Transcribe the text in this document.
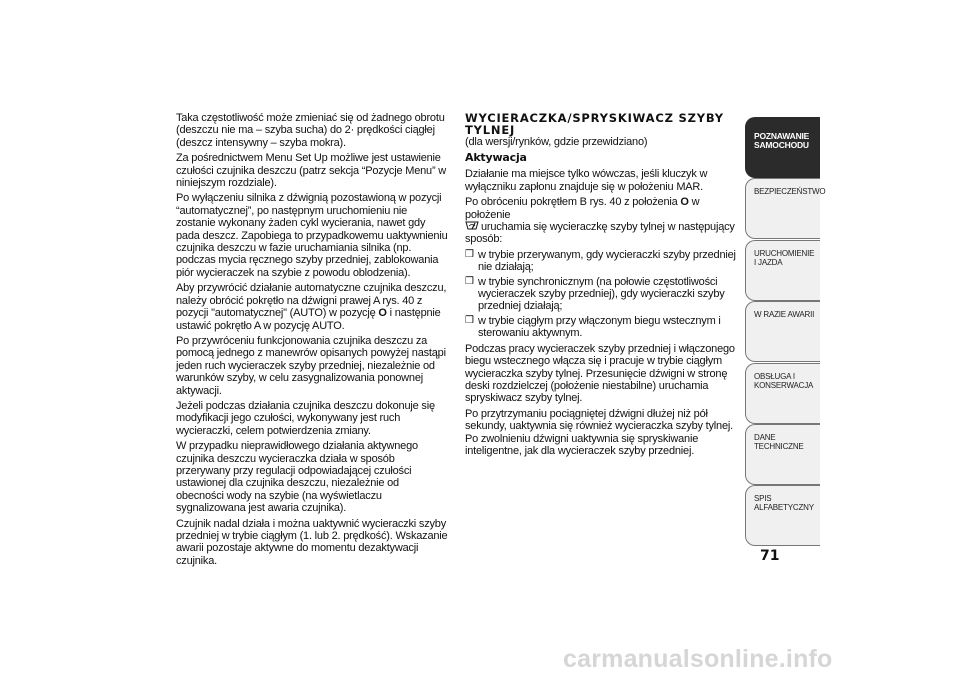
Taka częstotliwość może zmieniać się od żadnego obrotu (deszczu nie ma – szyba sucha) do 2· prędkości ciągłej (deszcz intensywny – szyba mokra).

Za pośrednictwem Menu Set Up możliwe jest ustawienie czułości czujnika deszczu (patrz sekcja “Pozycje Menu” w niniejszym rozdziale).

Po wyłączeniu silnika z dźwignią pozostawioną w pozycji “automatycznej”, po następnym uruchomieniu nie zostanie wykonany żaden cykl wycierania, nawet gdy pada deszcz. Zapobiega to przypadkowemu uaktywnieniu czujnika deszczu w fazie uruchamiania silnika (np. podczas mycia ręcznego szyby przedniej, zablokowania piór wycieraczek na szybie z powodu oblodzenia).

Aby przywrócić działanie automatyczne czujnika deszczu, należy obrócić pokrętło na dźwigni prawej A rys. 40 z pozycji "automatycznej" (AUTO) w pozycję O i następnie ustawić pokrętło A w pozycję AUTO.

Po przywróceniu funkcjonowania czujnika deszczu za pomocą jednego z manewrów opisanych powyżej nastąpi jeden ruch wycieraczek szyby przedniej, niezależnie od warunków szyby, w celu zasygnalizowania ponownej aktywacji.

Jeżeli podczas działania czujnika deszczu dokonuje się modyfikacji jego czułości, wykonywany jest ruch wycieraczki, celem potwierdzenia zmiany.

W przypadku nieprawidłowego działania aktywnego czujnika deszczu wycieraczka działa w sposób przerywany przy regulacji odpowiadającej czułości ustawionej dla czujnika deszczu, niezależnie od obecności wody na szybie (na wyświetlaczu sygnalizowana jest awaria czujnika).

Czujnik nadal działa i można uaktywnić wycieraczki szyby przedniej w trybie ciągłym (1. lub 2. prędkość). Wskazanie awarii pozostaje aktywne do momentu dezaktywacji czujnika.

WYCIERACZKA/SPRYSKIWACZ SZYBY TYLNEJ

(dla wersji/rynków, gdzie przewidziano)

Aktywacja

Działanie ma miejsce tylko wówczas, jeśli kluczyk w wyłączniku zapłonu znajduje się w położeniu MAR.

Po obróceniu pokrętłem B rys. 40 z położenia O w położenie
uruchamia się wycieraczkę szyby tylnej w następujący sposób:

❒ w trybie przerywanym, gdy wycieraczki szyby przedniej nie działają;
❒ w trybie synchronicznym (na połowie częstotliwości wycieraczek szyby przedniej), gdy wycieraczki szyby przedniej działają;
❒ w trybie ciągłym przy włączonym biegu wstecznym i sterowaniu aktywnym.

Podczas pracy wycieraczek szyby przedniej i włączonego biegu wstecznego włącza się i pracuje w trybie ciągłym wycieraczka szyby tylnej. Przesunięcie dźwigni w stronę deski rozdzielczej (położenie niestabilne) uruchamia spryskiwacz szyby tylnej.

Po przytrzymaniu pociągniętej dźwigni dłużej niż pół sekundy, uaktywnia się również wycieraczka szyby tylnej. Po zwolnieniu dźwigni uaktywnia się spryskiwanie inteligentne, jak dla wycieraczek szyby przedniej.

POZNAWANIE SAMOCHODU
BEZPIECZEŃSTWO
URUCHOMIENIE I JAZDA
W RAZIE AWARII
OBSŁUGA I KONSERWACJA
DANE TECHNICZNE
SPIS ALFABETYCZNY
71
carmanualsonline.info
